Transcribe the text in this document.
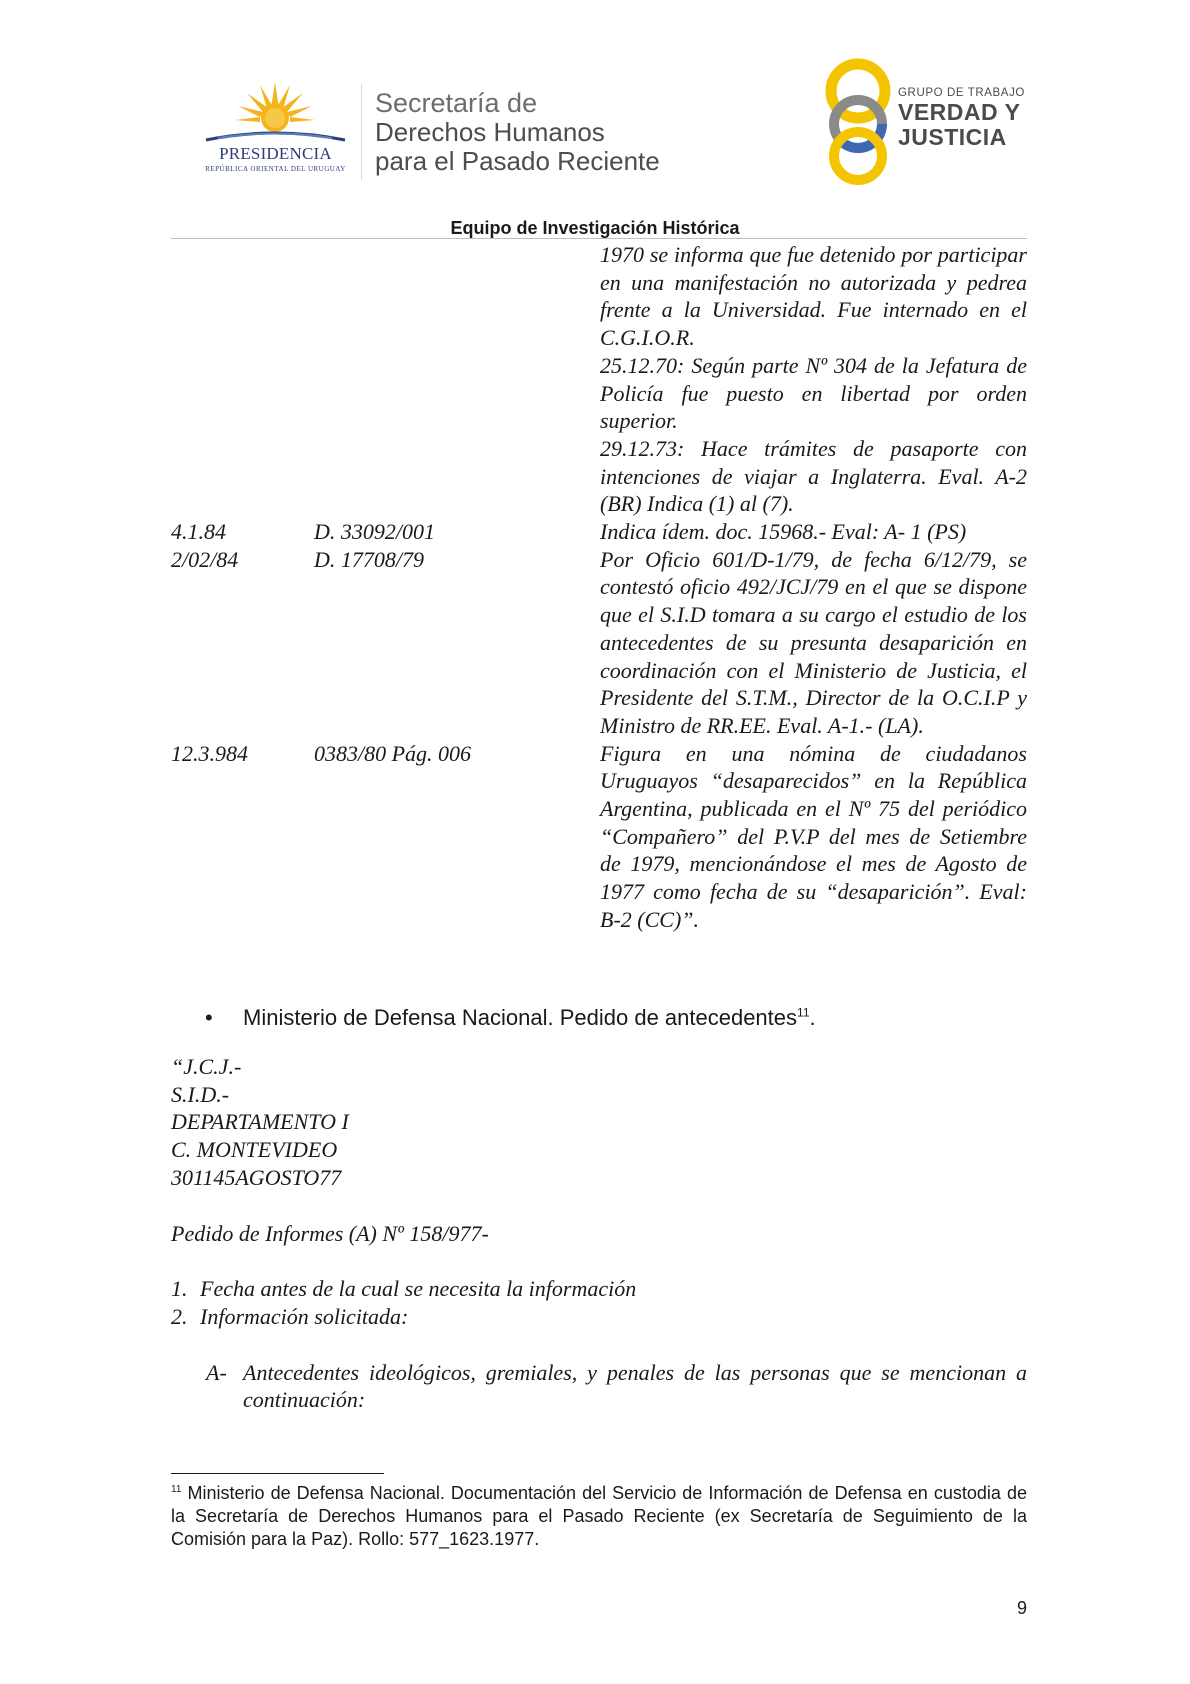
PRESIDENCIA
REPÚBLICA ORIENTAL DEL URUGUAY
Secretaría de
Derechos Humanos
para el Pasado Reciente
GRUPO DE TRABAJO
VERDAD Y
JUSTICIA
Equipo de Investigación Histórica
1970 se informa que fue detenido por participar en una manifestación no autorizada y pedrea frente a la Universidad. Fue internado en el C.G.I.O.R.
25.12.70: Según parte Nº 304 de la Jefatura de Policía fue puesto en libertad por orden superior.
29.12.73: Hace trámites de pasaporte con intenciones de viajar a Inglaterra. Eval. A-2 (BR) Indica (1) al (7).
4.1.84	D. 33092/001	Indica ídem. doc. 15968.- Eval: A- 1 (PS)
2/02/84	D. 17708/79	Por Oficio 601/D-1/79, de fecha 6/12/79, se contestó oficio 492/JCJ/79 en el que se dispone que el S.I.D tomara a su cargo el estudio de los antecedentes de su presunta desaparición en coordinación con el Ministerio de Justicia, el Presidente del S.T.M., Director de la O.C.I.P y Ministro de RR.EE. Eval. A-1.- (LA).
12.3.984	0383/80 Pág. 006	Figura en una nómina de ciudadanos Uruguayos “desaparecidos” en la República Argentina, publicada en el Nº 75 del periódico “Compañero” del P.V.P del mes de Setiembre de 1979, mencionándose el mes de Agosto de 1977 como fecha de su “desaparición”. Eval: B-2 (CC)”.
• Ministerio de Defensa Nacional. Pedido de antecedentes$^{11}$.
“J.C.J.-
S.I.D.-
DEPARTAMENTO I
C. MONTEVIDEO
301145AGOSTO77
Pedido de Informes (A) Nº 158/977-
1. Fecha antes de la cual se necesita la información
2. Información solicitada:
A- Antecedentes ideológicos, gremiales, y penales de las personas que se mencionan a continuación:
$^{11}$ Ministerio de Defensa Nacional. Documentación del Servicio de Información de Defensa en custodia de la Secretaría de Derechos Humanos para el Pasado Reciente (ex Secretaría de Seguimiento de la Comisión para la Paz). Rollo: 577_1623.1977.
9
